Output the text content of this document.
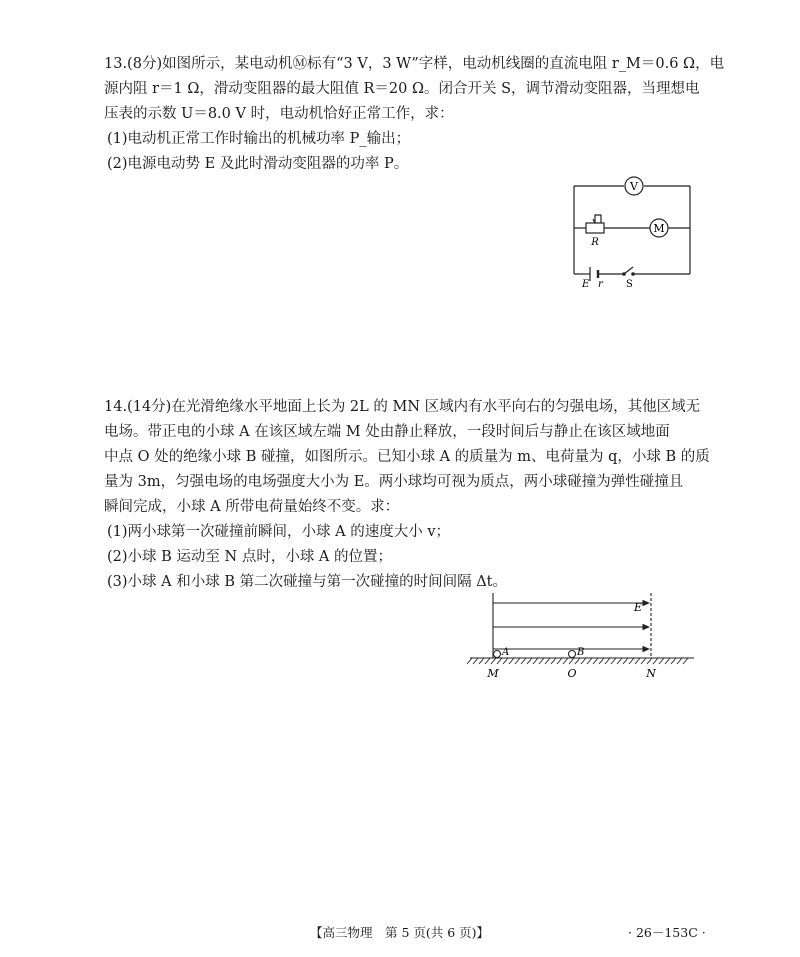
13.(8分)如图所示，某电动机Ⓜ标有“3 V，3 W”字样，电动机线圈的直流电阻 r_M＝0.6 Ω，电
源内阻 r＝1 Ω，滑动变阻器的最大阻值 R＝20 Ω。闭合开关 S，调节滑动变阻器，当理想电
压表的示数 U＝8.0 V 时，电动机恰好正常工作，求：
(1)电动机正常工作时输出的机械功率 P_输出；
(2)电源电动势 E 及此时滑动变阻器的功率 P。
V
M
R
E r S
14.(14分)在光滑绝缘水平地面上长为 2L 的 MN 区域内有水平向右的匀强电场，其他区域无
电场。带正电的小球 A 在该区域左端 M 处由静止释放，一段时间后与静止在该区域地面
中点 O 处的绝缘小球 B 碰撞，如图所示。已知小球 A 的质量为 m、电荷量为 q，小球 B 的质
量为 3m，匀强电场的电场强度大小为 E。两小球均可视为质点，两小球碰撞为弹性碰撞且
瞬间完成，小球 A 所带电荷量始终不变。求：
(1)两小球第一次碰撞前瞬间，小球 A 的速度大小 v；
(2)小球 B 运动至 N 点时，小球 A 的位置；
(3)小球 A 和小球 B 第二次碰撞与第一次碰撞的时间间隔 Δt。
E
A	B
M	O	N
【高三物理　第 5 页(共 6 页)】	· 26－153C ·
